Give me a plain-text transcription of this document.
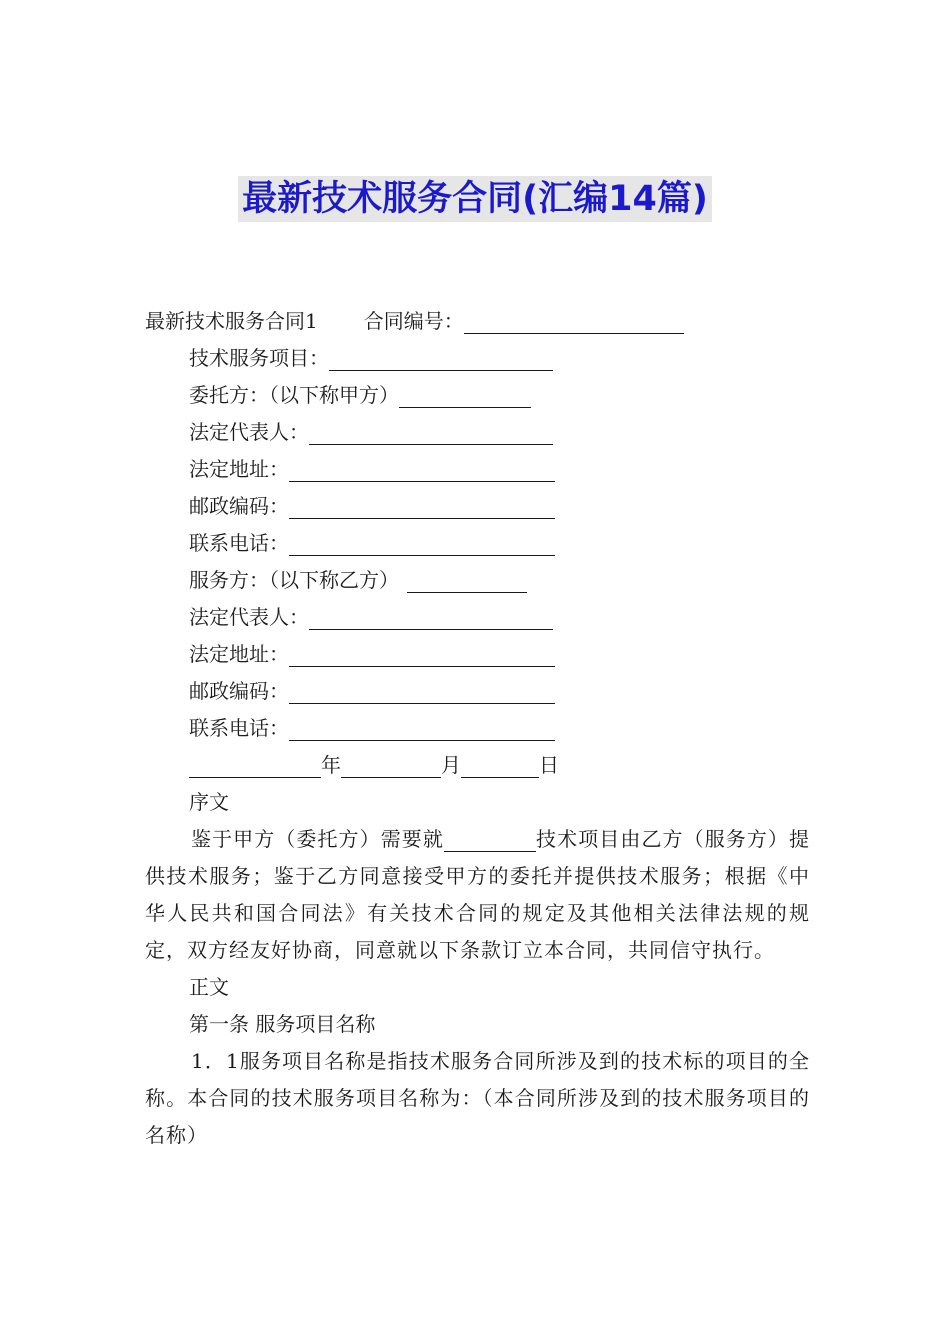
最新技术服务合同(汇编14篇)
最新技术服务合同1 合同编号：
技术服务项目：
委托方：（以下称甲方）
法定代表人：
法定地址：
邮政编码：
联系电话：
服务方：（以下称乙方）
法定代表人：
法定地址：
邮政编码：
联系电话：
年	月	日
序文
鉴于甲方（委托方）需要就	技术项目由乙方（服务方）提供技术服务；鉴于乙方同意接受甲方的委托并提供技术服务；根据《中华人民共和国合同法》有关技术合同的规定及其他相关法律法规的规定，双方经友好协商，同意就以下条款订立本合同，共同信守执行。
正文
第一条 服务项目名称
1．1服务项目名称是指技术服务合同所涉及到的技术标的项目的全称。本合同的技术服务项目名称为：（本合同所涉及到的技术服务项目的名称）
